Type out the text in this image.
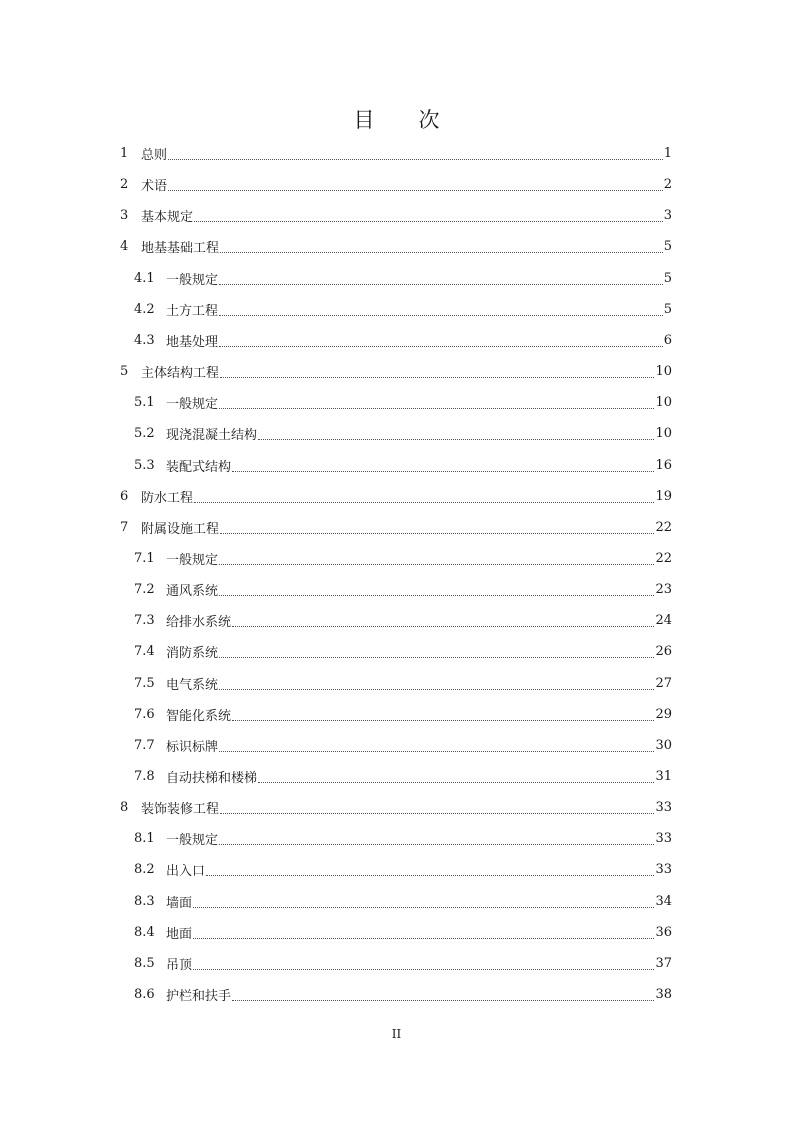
目 次
1 总则	1
2 术语	2
3 基本规定	3
4 地基基础工程	5
4.1 一般规定	5
4.2 土方工程	5
4.3 地基处理	6
5 主体结构工程	10
5.1 一般规定	10
5.2 现浇混凝土结构	10
5.3 装配式结构	16
6 防水工程	19
7 附属设施工程	22
7.1 一般规定	22
7.2 通风系统	23
7.3 给排水系统	24
7.4 消防系统	26
7.5 电气系统	27
7.6 智能化系统	29
7.7 标识标牌	30
7.8 自动扶梯和楼梯	31
8 装饰装修工程	33
8.1 一般规定	33
8.2 出入口	33
8.3 墙面	34
8.4 地面	36
8.5 吊顶	37
8.6 护栏和扶手	38
II
